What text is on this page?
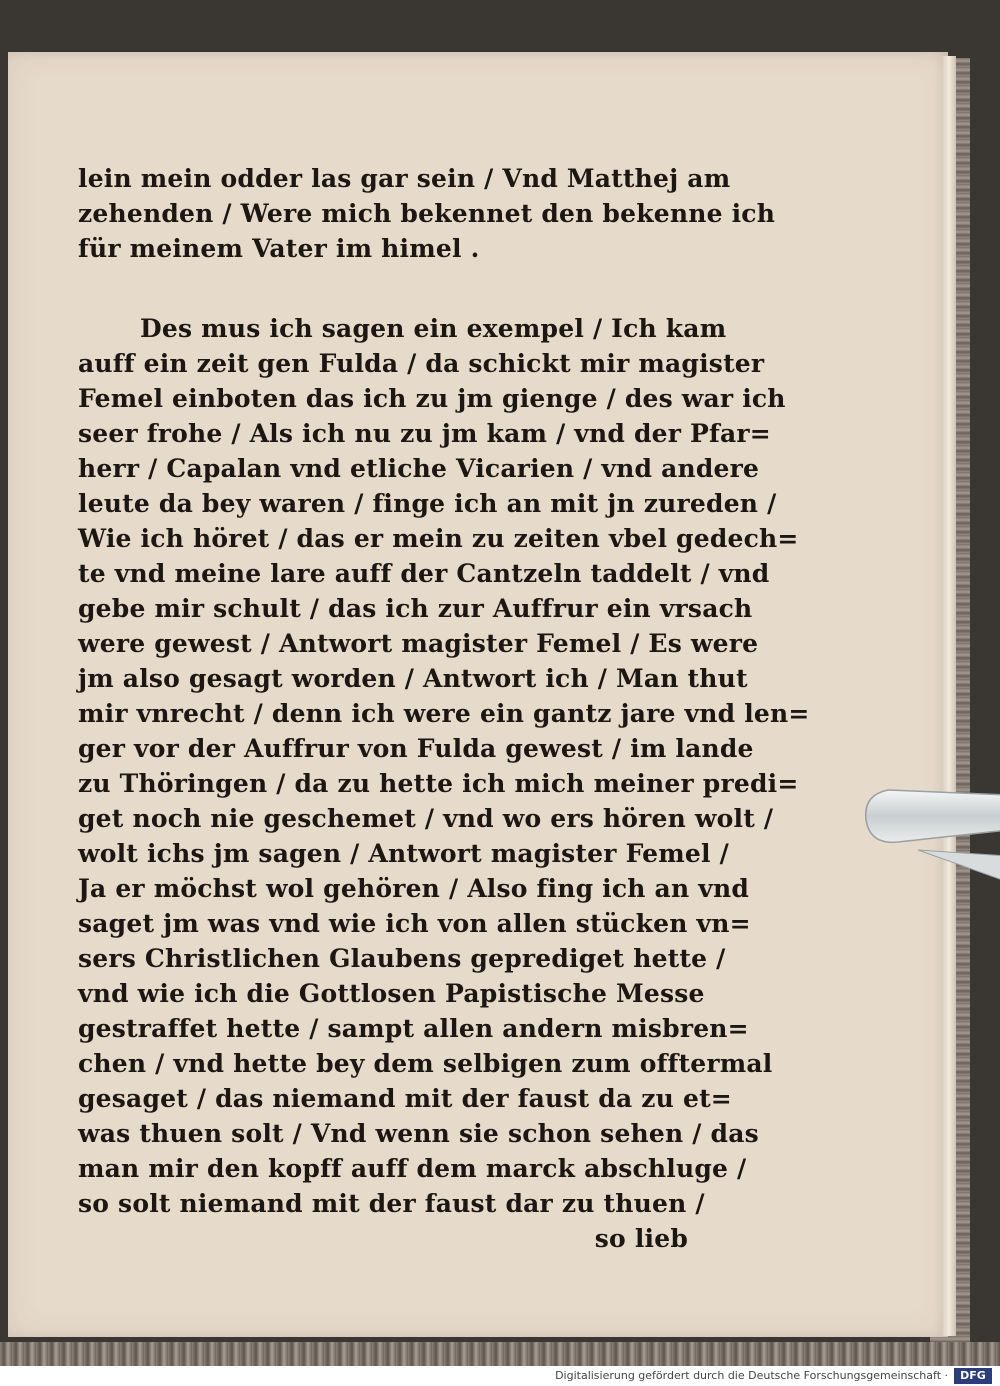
lein mein odder las gar sein / Vnd Matthej am
zehenden / Were mich bekennet den bekenne ich
für meinem Vater im himel .
Des mus ich sagen ein exempel / Ich kam
auff ein zeit gen Fulda / da schickt mir magister
Femel einboten das ich zu jm gienge / des war ich
seer frohe / Als ich nu zu jm kam / vnd der Pfar=
herr / Capalan vnd etliche Vicarien / vnd andere
leute da bey waren / finge ich an mit jn zureden /
Wie ich höret / das er mein zu zeiten vbel gedech=
te vnd meine lare auff der Cantzeln taddelt / vnd
gebe mir schult / das ich zur Auffrur ein vrsach
were gewest / Antwort magister Femel / Es were
jm also gesagt worden / Antwort ich / Man thut
mir vnrecht / denn ich were ein gantz jare vnd len=
ger vor der Auffrur von Fulda gewest / im lande
zu Thöringen / da zu hette ich mich meiner predi=
get noch nie geschemet / vnd wo ers hören wolt /
wolt ichs jm sagen / Antwort magister Femel /
Ja er möchst wol gehören / Also fing ich an vnd
saget jm was vnd wie ich von allen stücken vn=
sers Christlichen Glaubens geprediget hette /
vnd wie ich die Gottlosen Papistische Messe
gestraffet hette / sampt allen andern misbren=
chen / vnd hette bey dem selbigen zum offtermal
gesaget / das niemand mit der faust da zu et=
was thuen solt / Vnd wenn sie schon sehen / das
man mir den kopff auff dem marck abschluge /
so solt niemand mit der faust dar zu thuen /
so lieb
Digitalisierung gefördert durch die Deutsche Forschungsgemeinschaft ·	DFG
